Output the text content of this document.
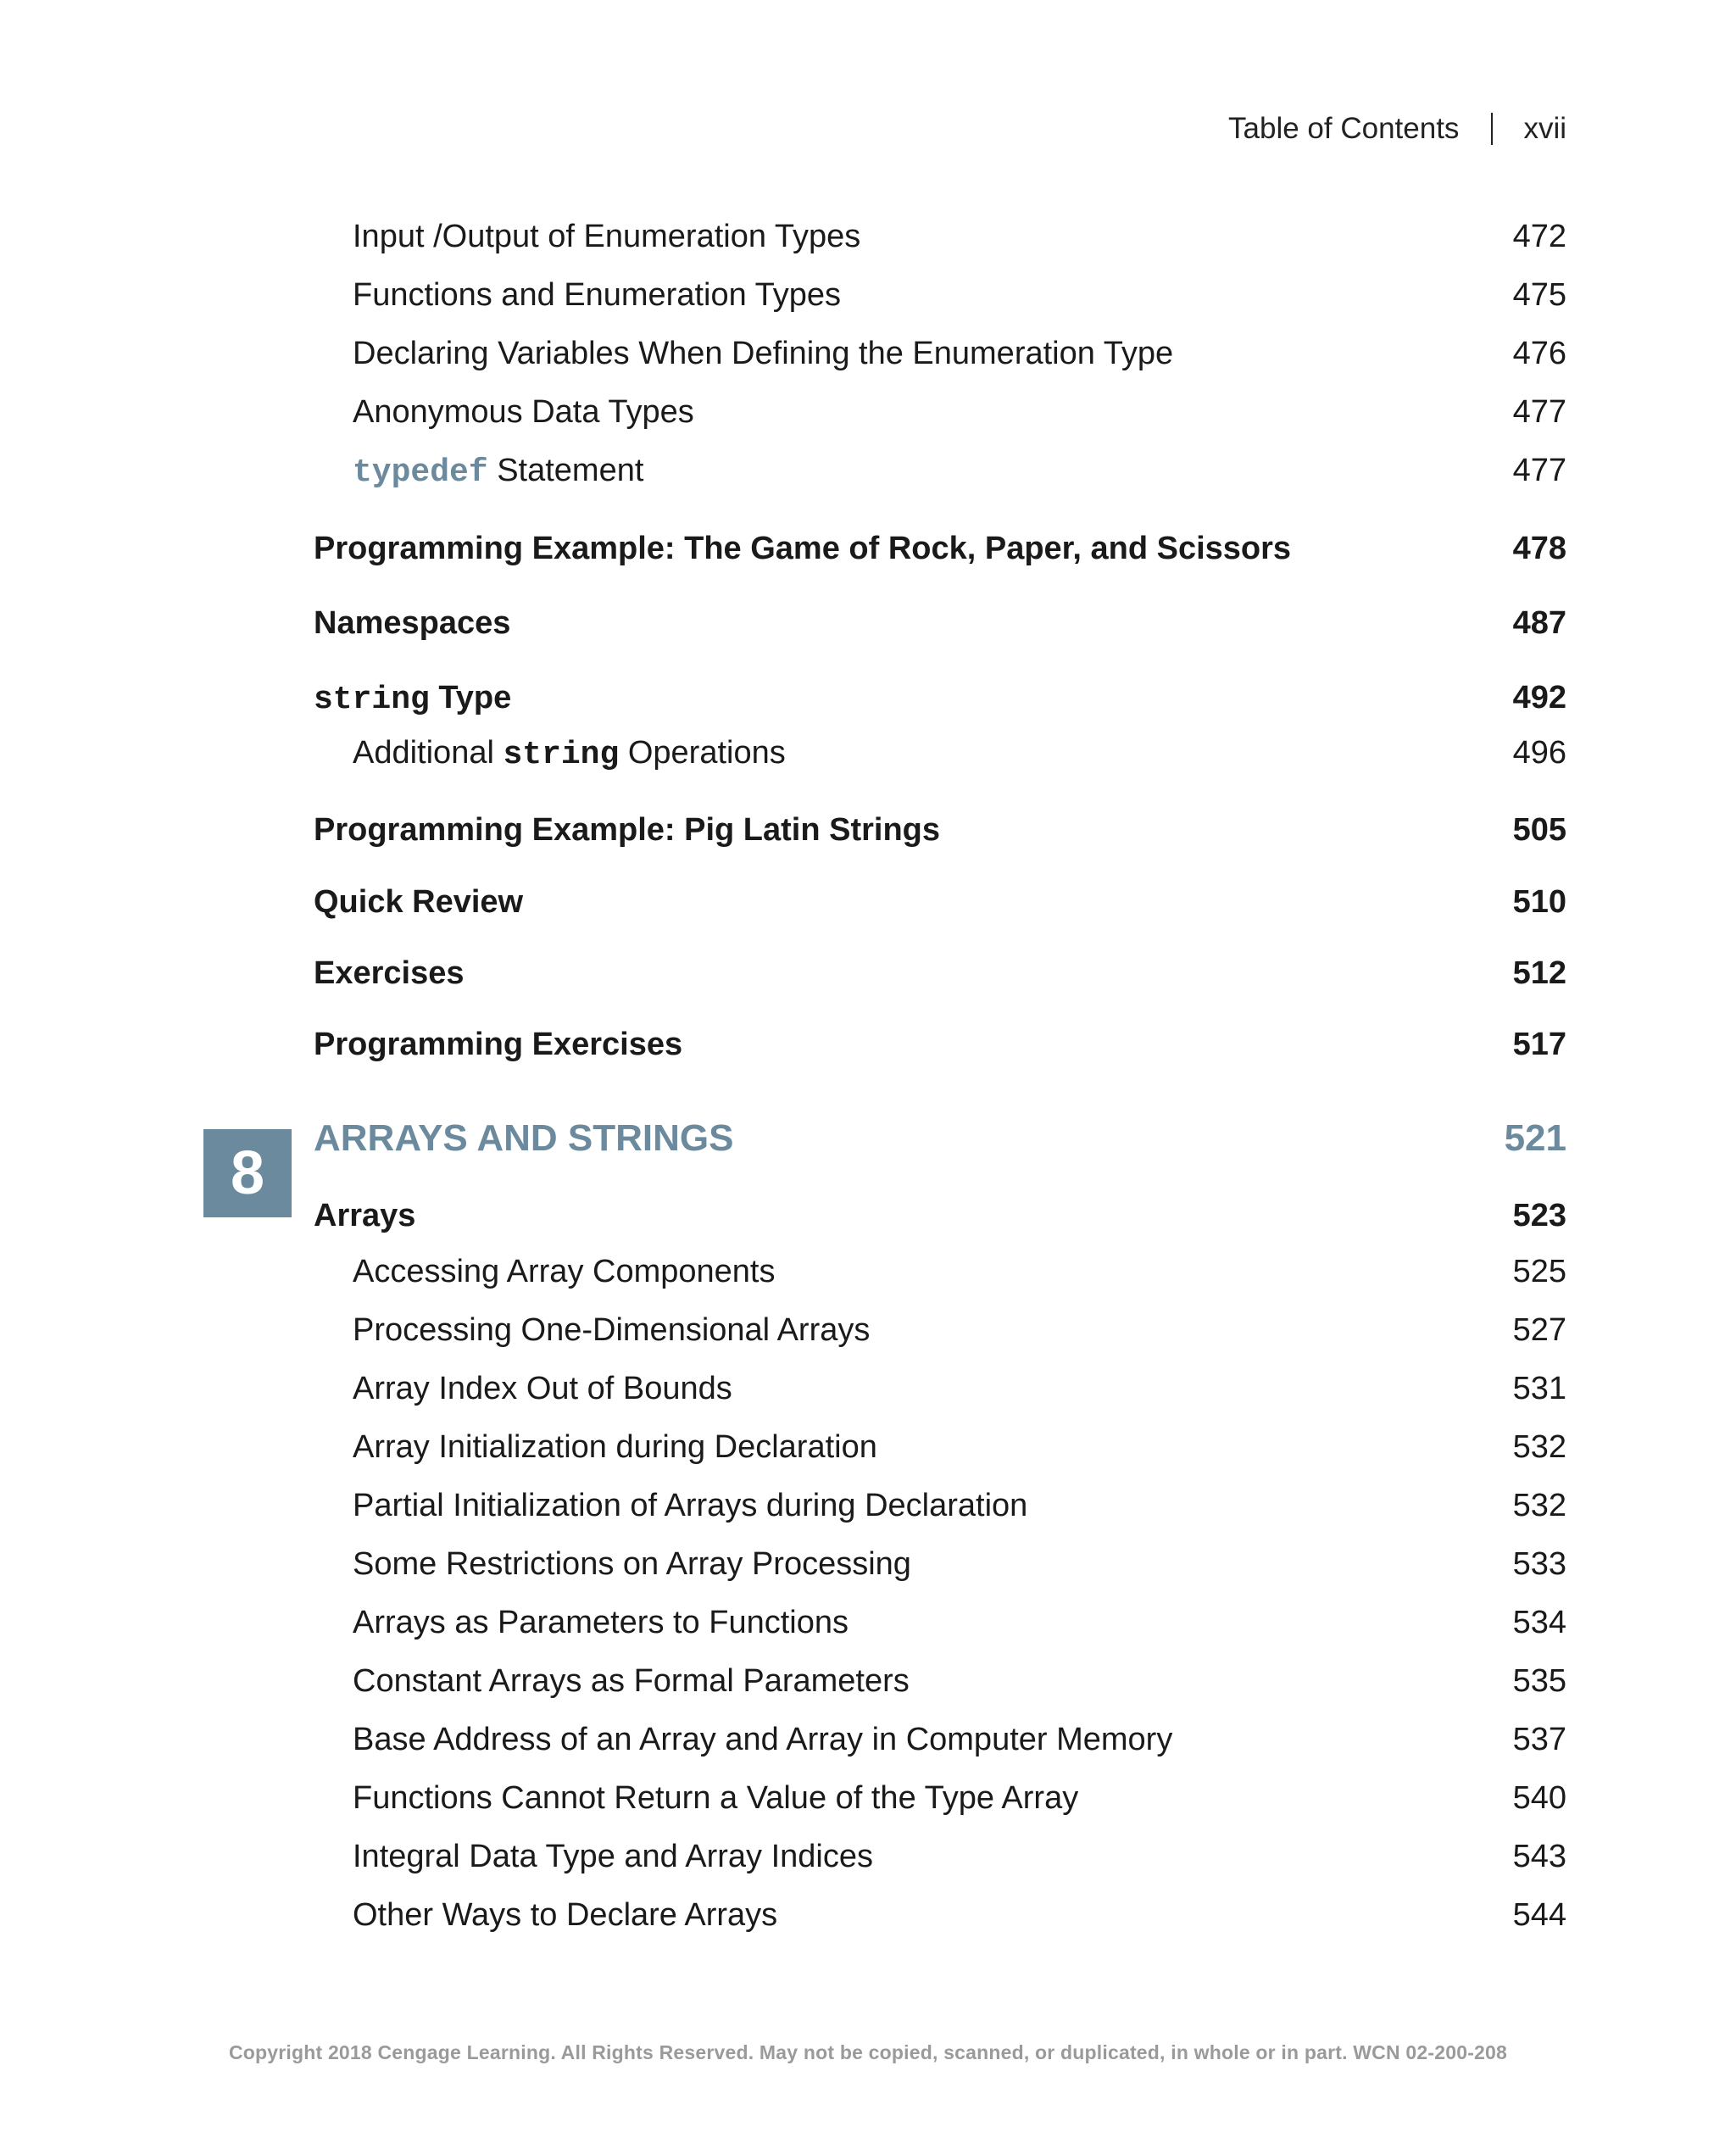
Table of Contents xvii
8
Input /Output of Enumeration Types	472
Functions and Enumeration Types	475
Declaring Variables When Defining the Enumeration Type	476
Anonymous Data Types	477
typedef Statement	477
Programming Example: The Game of Rock, Paper, and Scissors	478
Namespaces	487
string Type	492
Additional string Operations	496
Programming Example: Pig Latin Strings	505
Quick Review	510
Exercises	512
Programming Exercises	517
ARRAYS AND STRINGS	521
Arrays	523
Accessing Array Components	525
Processing One-Dimensional Arrays	527
Array Index Out of Bounds	531
Array Initialization during Declaration	532
Partial Initialization of Arrays during Declaration	532
Some Restrictions on Array Processing	533
Arrays as Parameters to Functions	534
Constant Arrays as Formal Parameters	535
Base Address of an Array and Array in Computer Memory	537
Functions Cannot Return a Value of the Type Array	540
Integral Data Type and Array Indices	543
Other Ways to Declare Arrays	544
Copyright 2018 Cengage Learning. All Rights Reserved. May not be copied, scanned, or duplicated, in whole or in part. WCN 02-200-208
